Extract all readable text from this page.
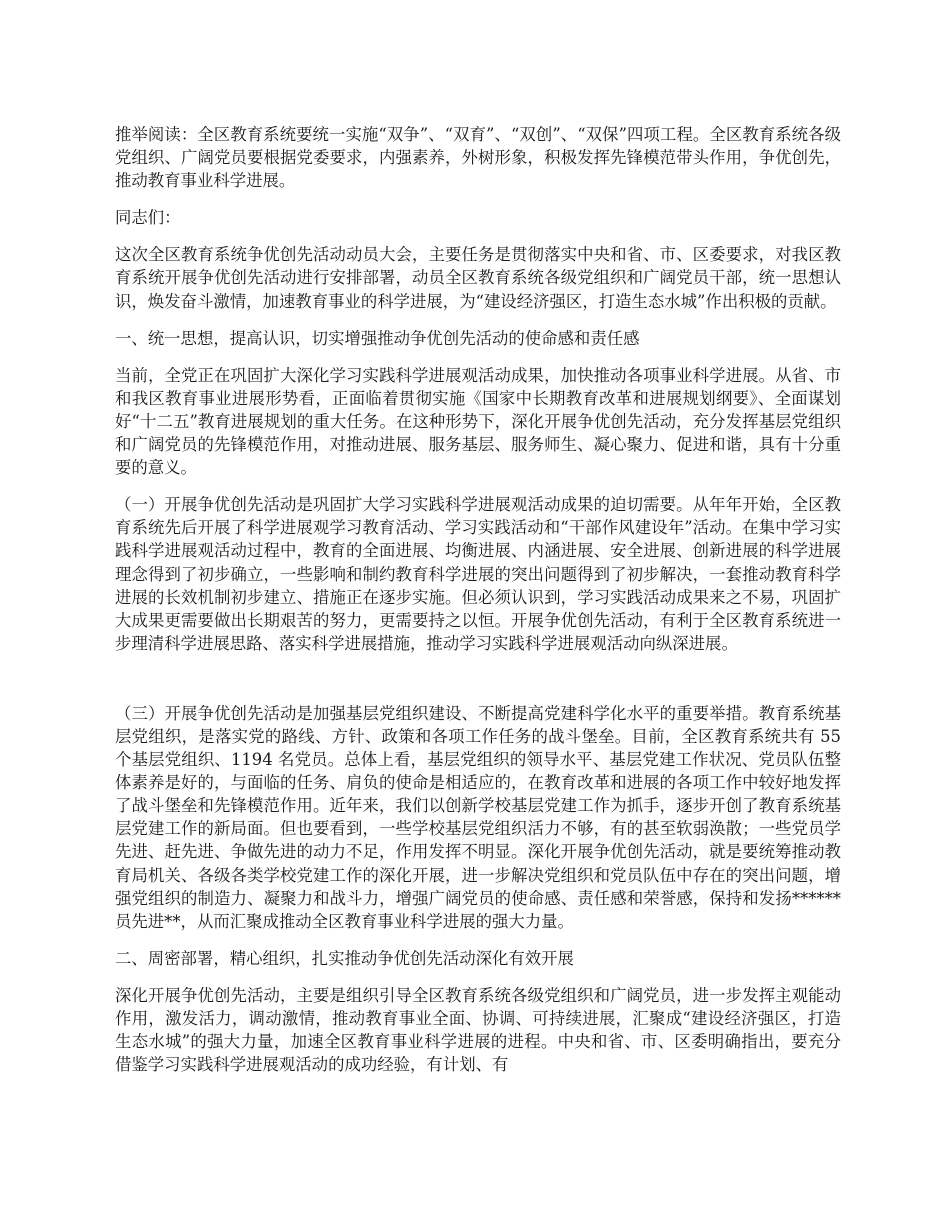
推举阅读：全区教育系统要统一实施“双争”、“双育”、“双创”、“双保”四项工程。全区教育系统各级党组织、广阔党员要根据党委要求，内强素养，外树形象，积极发挥先锋模范带头作用，争优创先，推动教育事业科学进展。

同志们：

这次全区教育系统争优创先活动动员大会，主要任务是贯彻落实中央和省、市、区委要求，对我区教育系统开展争优创先活动进行安排部署，动员全区教育系统各级党组织和广阔党员干部，统一思想认识，焕发奋斗激情，加速教育事业的科学进展，为“建设经济强区，打造生态水城”作出积极的贡献。

一、统一思想，提高认识，切实增强推动争优创先活动的使命感和责任感

当前，全党正在巩固扩大深化学习实践科学进展观活动成果，加快推动各项事业科学进展。从省、市和我区教育事业进展形势看，正面临着贯彻实施《国家中长期教育改革和进展规划纲要》、全面谋划好“十二五”教育进展规划的重大任务。在这种形势下，深化开展争优创先活动，充分发挥基层党组织和广阔党员的先锋模范作用，对推动进展、服务基层、服务师生、凝心聚力、促进和谐，具有十分重要的意义。

（一）开展争优创先活动是巩固扩大学习实践科学进展观活动成果的迫切需要。从年年开始，全区教育系统先后开展了科学进展观学习教育活动、学习实践活动和“干部作风建设年”活动。在集中学习实践科学进展观活动过程中，教育的全面进展、均衡进展、内涵进展、安全进展、创新进展的科学进展理念得到了初步确立，一些影响和制约教育科学进展的突出问题得到了初步解决，一套推动教育科学进展的长效机制初步建立、措施正在逐步实施。但必须认识到，学习实践活动成果来之不易，巩固扩大成果更需要做出长期艰苦的努力，更需要持之以恒。开展争优创先活动，有利于全区教育系统进一步理清科学进展思路、落实科学进展措施，推动学习实践科学进展观活动向纵深进展。

（三）开展争优创先活动是加强基层党组织建设、不断提高党建科学化水平的重要举措。教育系统基层党组织，是落实党的路线、方针、政策和各项工作任务的战斗堡垒。目前，全区教育系统共有 55 个基层党组织、1194 名党员。总体上看，基层党组织的领导水平、基层党建工作状况、党员队伍整体素养是好的，与面临的任务、肩负的使命是相适应的，在教育改革和进展的各项工作中较好地发挥了战斗堡垒和先锋模范作用。近年来，我们以创新学校基层党建工作为抓手，逐步开创了教育系统基层党建工作的新局面。但也要看到，一些学校基层党组织活力不够，有的甚至软弱涣散；一些党员学先进、赶先进、争做先进的动力不足，作用发挥不明显。深化开展争优创先活动，就是要统筹推动教育局机关、各级各类学校党建工作的深化开展，进一步解决党组织和党员队伍中存在的突出问题，增强党组织的制造力、凝聚力和战斗力，增强广阔党员的使命感、责任感和荣誉感，保持和发扬******员先进**，从而汇聚成推动全区教育事业科学进展的强大力量。

二、周密部署，精心组织，扎实推动争优创先活动深化有效开展

深化开展争优创先活动，主要是组织引导全区教育系统各级党组织和广阔党员，进一步发挥主观能动作用，激发活力，调动激情，推动教育事业全面、协调、可持续进展，汇聚成“建设经济强区，打造生态水城”的强大力量，加速全区教育事业科学进展的进程。中央和省、市、区委明确指出，要充分借鉴学习实践科学进展观活动的成功经验，有计划、有
